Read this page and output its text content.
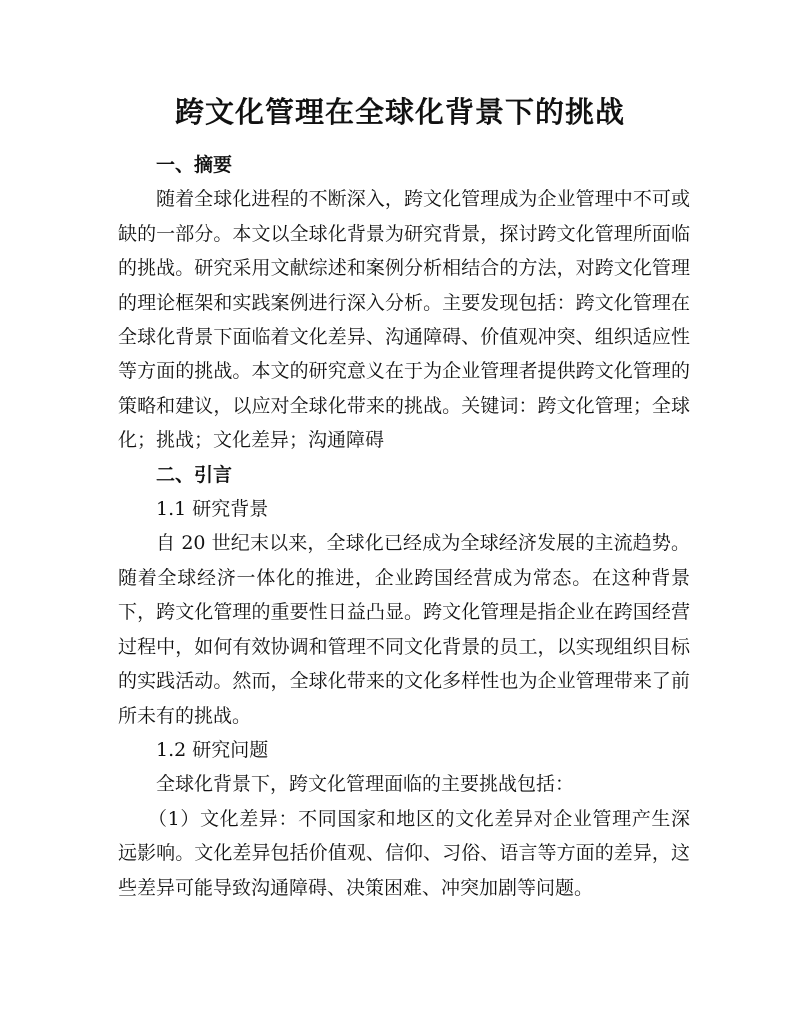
跨文化管理在全球化背景下的挑战

一、摘要

随着全球化进程的不断深入，跨文化管理成为企业管理中不可或缺的一部分。本文以全球化背景为研究背景，探讨跨文化管理所面临的挑战。研究采用文献综述和案例分析相结合的方法，对跨文化管理的理论框架和实践案例进行深入分析。主要发现包括：跨文化管理在全球化背景下面临着文化差异、沟通障碍、价值观冲突、组织适应性等方面的挑战。本文的研究意义在于为企业管理者提供跨文化管理的策略和建议，以应对全球化带来的挑战。关键词：跨文化管理；全球化；挑战；文化差异；沟通障碍

二、引言

1.1 研究背景

自 20 世纪末以来，全球化已经成为全球经济发展的主流趋势。随着全球经济一体化的推进，企业跨国经营成为常态。在这种背景下，跨文化管理的重要性日益凸显。跨文化管理是指企业在跨国经营过程中，如何有效协调和管理不同文化背景的员工，以实现组织目标的实践活动。然而，全球化带来的文化多样性也为企业管理带来了前所未有的挑战。

1.2 研究问题

全球化背景下，跨文化管理面临的主要挑战包括：

（1）文化差异：不同国家和地区的文化差异对企业管理产生深远影响。文化差异包括价值观、信仰、习俗、语言等方面的差异，这些差异可能导致沟通障碍、决策困难、冲突加剧等问题。
